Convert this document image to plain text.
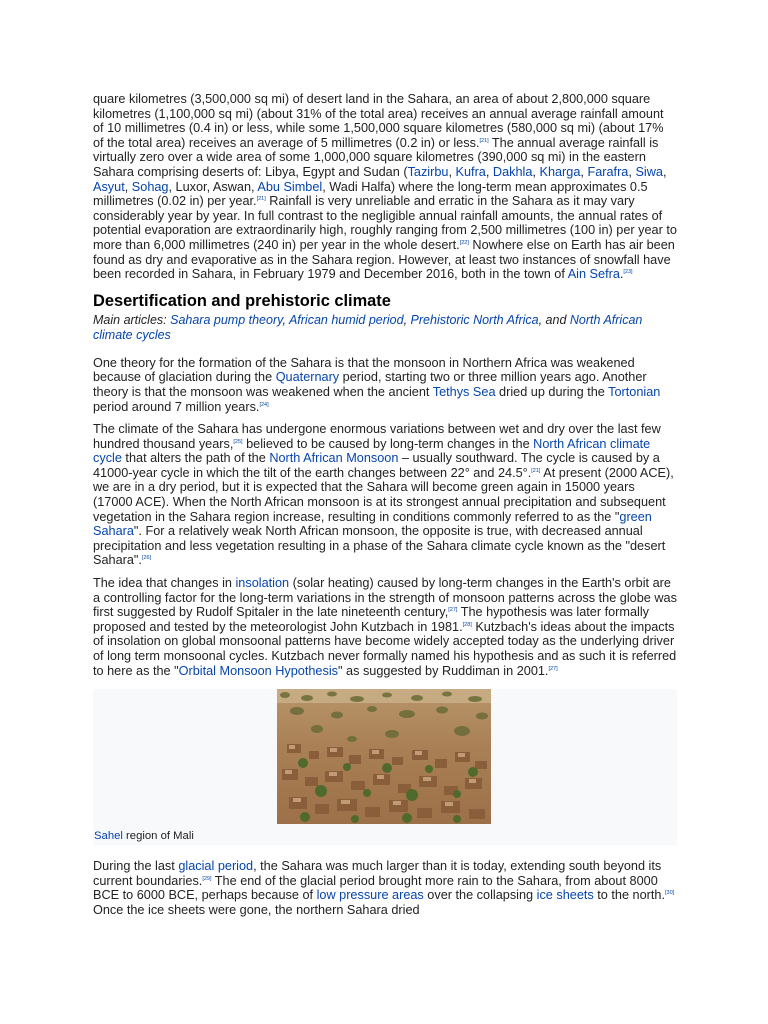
quare kilometres (3,500,000 sq mi) of desert land in the Sahara, an area of about 2,800,000 square kilometres (1,100,000 sq mi) (about 31% of the total area) receives an annual average rainfall amount of 10 millimetres (0.4 in) or less, while some 1,500,000 square kilometres (580,000 sq mi) (about 17% of the total area) receives an average of 5 millimetres (0.2 in) or less.[21] The annual average rainfall is virtually zero over a wide area of some 1,000,000 square kilometres (390,000 sq mi) in the eastern Sahara comprising deserts of: Libya, Egypt and Sudan (Tazirbu, Kufra, Dakhla, Kharga, Farafra, Siwa, Asyut, Sohag, Luxor, Aswan, Abu Simbel, Wadi Halfa) where the long-term mean approximates 0.5 millimetres (0.02 in) per year.[21] Rainfall is very unreliable and erratic in the Sahara as it may vary considerably year by year. In full contrast to the negligible annual rainfall amounts, the annual rates of potential evaporation are extraordinarily high, roughly ranging from 2,500 millimetres (100 in) per year to more than 6,000 millimetres (240 in) per year in the whole desert.[22] Nowhere else on Earth has air been found as dry and evaporative as in the Sahara region. However, at least two instances of snowfall have been recorded in Sahara, in February 1979 and December 2016, both in the town of Ain Sefra.[23]

Desertification and prehistoric climate
Main articles: Sahara pump theory, African humid period, Prehistoric North Africa, and North African climate cycles

One theory for the formation of the Sahara is that the monsoon in Northern Africa was weakened because of glaciation during the Quaternary period, starting two or three million years ago. Another theory is that the monsoon was weakened when the ancient Tethys Sea dried up during the Tortonian period around 7 million years.[24]

The climate of the Sahara has undergone enormous variations between wet and dry over the last few hundred thousand years,[25] believed to be caused by long-term changes in the North African climate cycle that alters the path of the North African Monsoon – usually southward. The cycle is caused by a 41000-year cycle in which the tilt of the earth changes between 22° and 24.5°.[21] At present (2000 ACE), we are in a dry period, but it is expected that the Sahara will become green again in 15000 years (17000 ACE). When the North African monsoon is at its strongest annual precipitation and subsequent vegetation in the Sahara region increase, resulting in conditions commonly referred to as the "green Sahara". For a relatively weak North African monsoon, the opposite is true, with decreased annual precipitation and less vegetation resulting in a phase of the Sahara climate cycle known as the "desert Sahara".[26]

The idea that changes in insolation (solar heating) caused by long-term changes in the Earth's orbit are a controlling factor for the long-term variations in the strength of monsoon patterns across the globe was first suggested by Rudolf Spitaler in the late nineteenth century,[27] The hypothesis was later formally proposed and tested by the meteorologist John Kutzbach in 1981.[28] Kutzbach's ideas about the impacts of insolation on global monsoonal patterns have become widely accepted today as the underlying driver of long term monsoonal cycles. Kutzbach never formally named his hypothesis and as such it is referred to here as the "Orbital Monsoon Hypothesis" as suggested by Ruddiman in 2001.[27]

Sahel region of Mali

During the last glacial period, the Sahara was much larger than it is today, extending south beyond its current boundaries.[29] The end of the glacial period brought more rain to the Sahara, from about 8000 BCE to 6000 BCE, perhaps because of low pressure areas over the collapsing ice sheets to the north.[30] Once the ice sheets were gone, the northern Sahara dried
